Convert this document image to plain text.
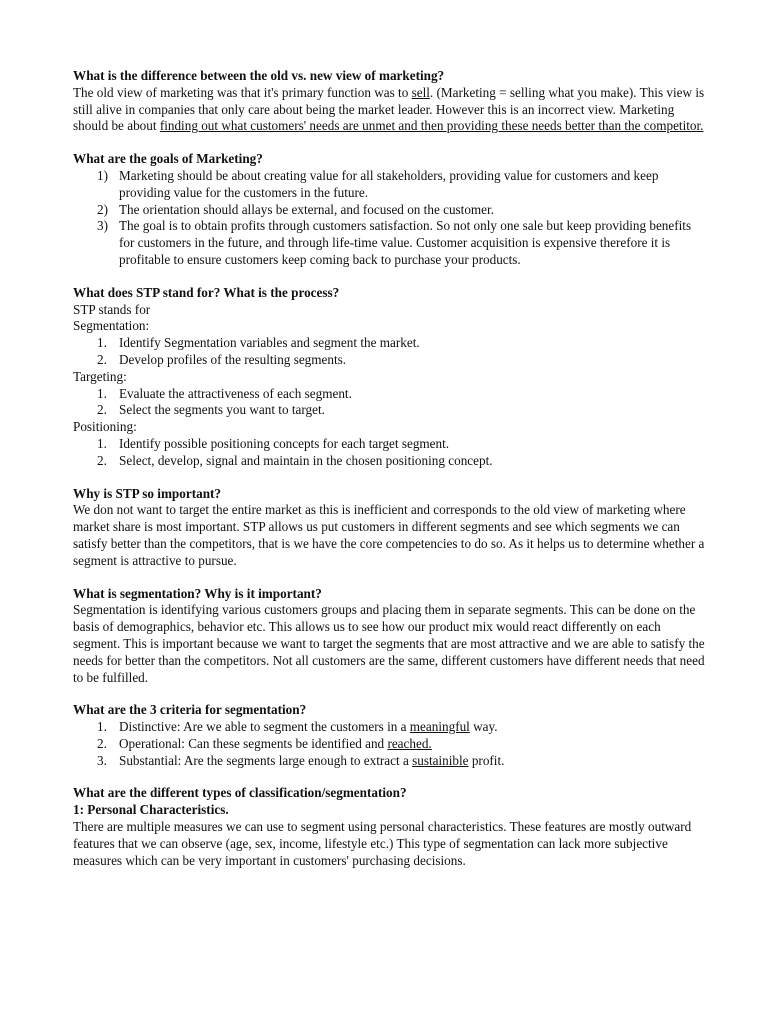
What is the difference between the old vs. new view of marketing?

The old view of marketing was that it's primary function was to sell. (Marketing = selling what you make). This view is still alive in companies that only care about being the market leader. However this is an incorrect view. Marketing should be about finding out what customers' needs are unmet and then providing these needs better than the competitor.

What are the goals of Marketing?

1) Marketing should be about creating value for all stakeholders, providing value for customers and keep providing value for the customers in the future.
2) The orientation should allays be external, and focused on the customer.
3) The goal is to obtain profits through customers satisfaction. So not only one sale but keep providing benefits for customers in the future, and through life-time value. Customer acquisition is expensive therefore it is profitable to ensure customers keep coming back to purchase your products.

What does STP stand for? What is the process?

STP stands for

Segmentation:

1. Identify Segmentation variables and segment the market.
2. Develop profiles of the resulting segments.

Targeting:

1. Evaluate the attractiveness of each segment.
2. Select the segments you want to target.

Positioning:

1. Identify possible positioning concepts for each target segment.
2. Select, develop, signal and maintain in the chosen positioning concept.

Why is STP so important?

We don not want to target the entire market as this is inefficient and corresponds to the old view of marketing where market share is most important. STP allows us put customers in different segments and see which segments we can satisfy better than the competitors, that is we have the core competencies to do so. As it helps us to determine whether a segment is attractive to pursue.

What is segmentation? Why is it important?

Segmentation is identifying various customers groups and placing them in separate segments. This can be done on the basis of demographics, behavior etc. This allows us to see how our product mix would react differently on each segment. This is important because we want to target the segments that are most attractive and we are able to satisfy the needs for better than the competitors. Not all customers are the same, different customers have different needs that need to be fulfilled.

What are the 3 criteria for segmentation?

1. Distinctive: Are we able to segment the customers in a meaningful way.
2. Operational: Can these segments be identified and reached.
3. Substantial: Are the segments large enough to extract a sustainible profit.

What are the different types of classification/segmentation?

1: Personal Characteristics.

There are multiple measures we can use to segment using personal characteristics. These features are mostly outward features that we can observe (age, sex, income, lifestyle etc.) This type of segmentation can lack more subjective measures which can be very important in customers' purchasing decisions.
